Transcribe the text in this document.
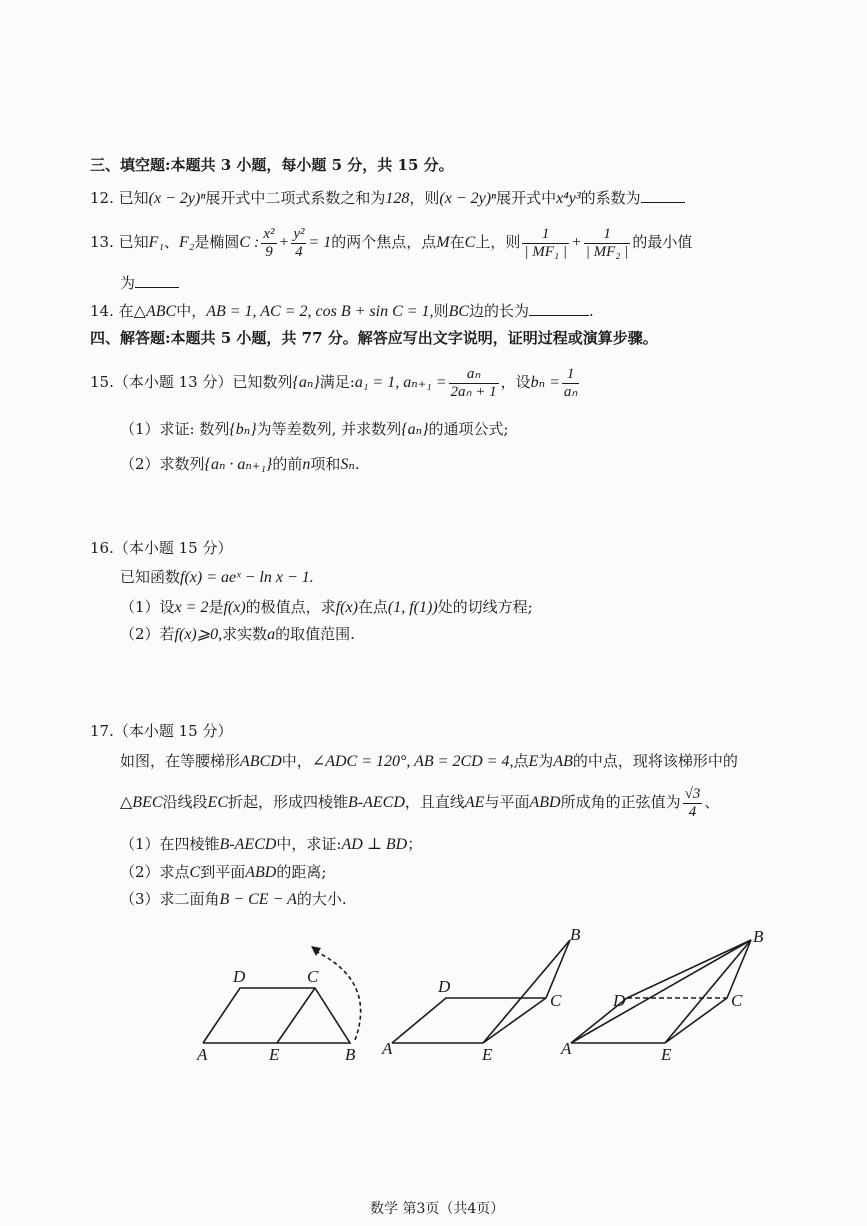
三、填空题:本题共 3 小题，每小题 5 分，共 15 分。
12. 已知(x − 2y)ⁿ展开式中二项式系数之和为128，则(x − 2y)ⁿ展开式中x⁴y³的系数为
13. 已知F₁、F₂是椭圆C : $\frac{\text{x²}}{9} + \frac{\text{y²}}{4} = 1$的两个焦点，点M在C上，则 $\frac{1}{\text{| MF₁ |}} + \frac{1}{\text{| MF₂ |}}$ 的最小值
为
14. 在△ABC中，AB = 1, AC = 2, cos B + sin C = 1,则BC边的长为	.
四、解答题:本题共 5 小题，共 77 分。解答应写出文字说明，证明过程或演算步骤。
15.（本小题 13 分）已知数列{aₙ}满足:a₁ = 1, $a_{n+1} = \frac{\text{aₙ}}{\text{2aₙ + 1}}$ ，设$b_n = \frac{1}{\text{aₙ}}$
（1）求证: 数列{bₙ}为等差数列, 并求数列{aₙ}的通项公式;
（2）求数列{aₙ · aₙ₊₁}的前n项和Sₙ.
16.（本小题 15 分）
已知函数f(x) = aeˣ − ln x − 1.
（1）设x = 2是f(x)的极值点，求f(x)在点(1, f(1))处的切线方程;
（2）若f(x)⩾0,求实数a的取值范围.
17.（本小题 15 分）
如图，在等腰梯形ABCD中，∠ADC = 120°, AB = 2CD = 4,点E为AB的中点，现将该梯形中的
△BEC沿线段EC折起，形成四棱锥B-AECD，且直线AE与平面ABD所成角的正弦值为 $\frac{√3}{4}$ 、
（1）在四棱锥B-AECD中，求证:AD ⊥ BD；
（2）求点C到平面ABD的距离;
（3）求二面角B − CE − A的大小.
A	E	B
D	C
A	E
D
C
B
A	E
D	C
B
数学 第3页（共4页）
